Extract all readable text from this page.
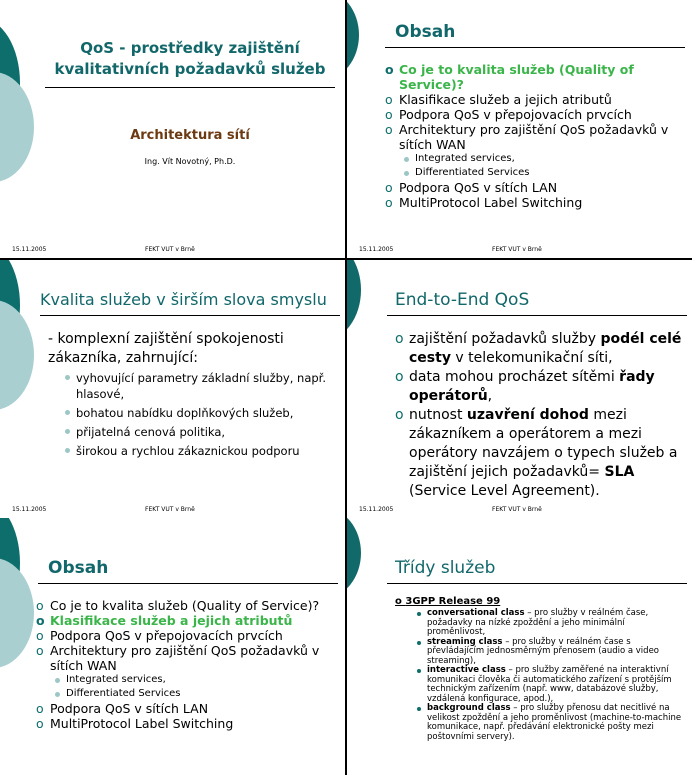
QoS - prostředky zajištění
kvalitativních požadavků služeb
Architektura sítí
Ing. Vít Novotný, Ph.D.
15.11.2005	FEKT VUT v Brně
Obsah
o Co je to kvalita služeb (Quality of Service)?
o Klasifikace služeb a jejich atributů
o Podpora QoS v přepojovacích prvcích
o Architektury pro zajištění QoS požadavků v sítích WAN
Integrated services,
Differentiated Services
o Podpora QoS v sítích LAN
o MultiProtocol Label Switching
15.11.2005	FEKT VUT v Brně
Kvalita služeb v širším slova smyslu
- komplexní zajištění spokojenosti zákazníka, zahrnující:
vyhovující parametry základní služby, např. hlasové,
bohatou nabídku doplňkových služeb,
přijatelná cenová politika,
širokou a rychlou zákaznickou podporu
15.11.2005	FEKT VUT v Brně
End-to-End QoS
o zajištění požadavků služby podél celé cesty v telekomunikační síti,
o data mohou procházet sítěmi řady operátorů,
o nutnost uzavření dohod mezi zákazníkem a operátorem a mezi operátory navzájem o typech služeb a zajištění jejich požadavků= SLA (Service Level Agreement).
15.11.2005	FEKT VUT v Brně
Obsah
o Co je to kvalita služeb (Quality of Service)?
o Klasifikace služeb a jejich atributů
o Podpora QoS v přepojovacích prvcích
o Architektury pro zajištění QoS požadavků v sítích WAN
Integrated services,
Differentiated Services
o Podpora QoS v sítích LAN
o MultiProtocol Label Switching
Třídy služeb
o 3GPP Release 99
conversational class – pro služby v reálném čase, požadavky na nízké zpoždění a jeho minimální proměnlivost,
streaming class – pro služby v reálném čase s převládajícím jednosměrným přenosem (audio a video streaming),
interactive class – pro služby zaměřené na interaktivní komunikaci člověka či automatického zařízení s protějším technickým zařízením (např. www, databázové služby, vzdálená konfigurace, apod.),
background class – pro služby přenosu dat necitlivé na velikost zpoždění a jeho proměnlivost (machine-to-machine komunikace, např. předávání elektronické pošty mezi poštovními servery).
